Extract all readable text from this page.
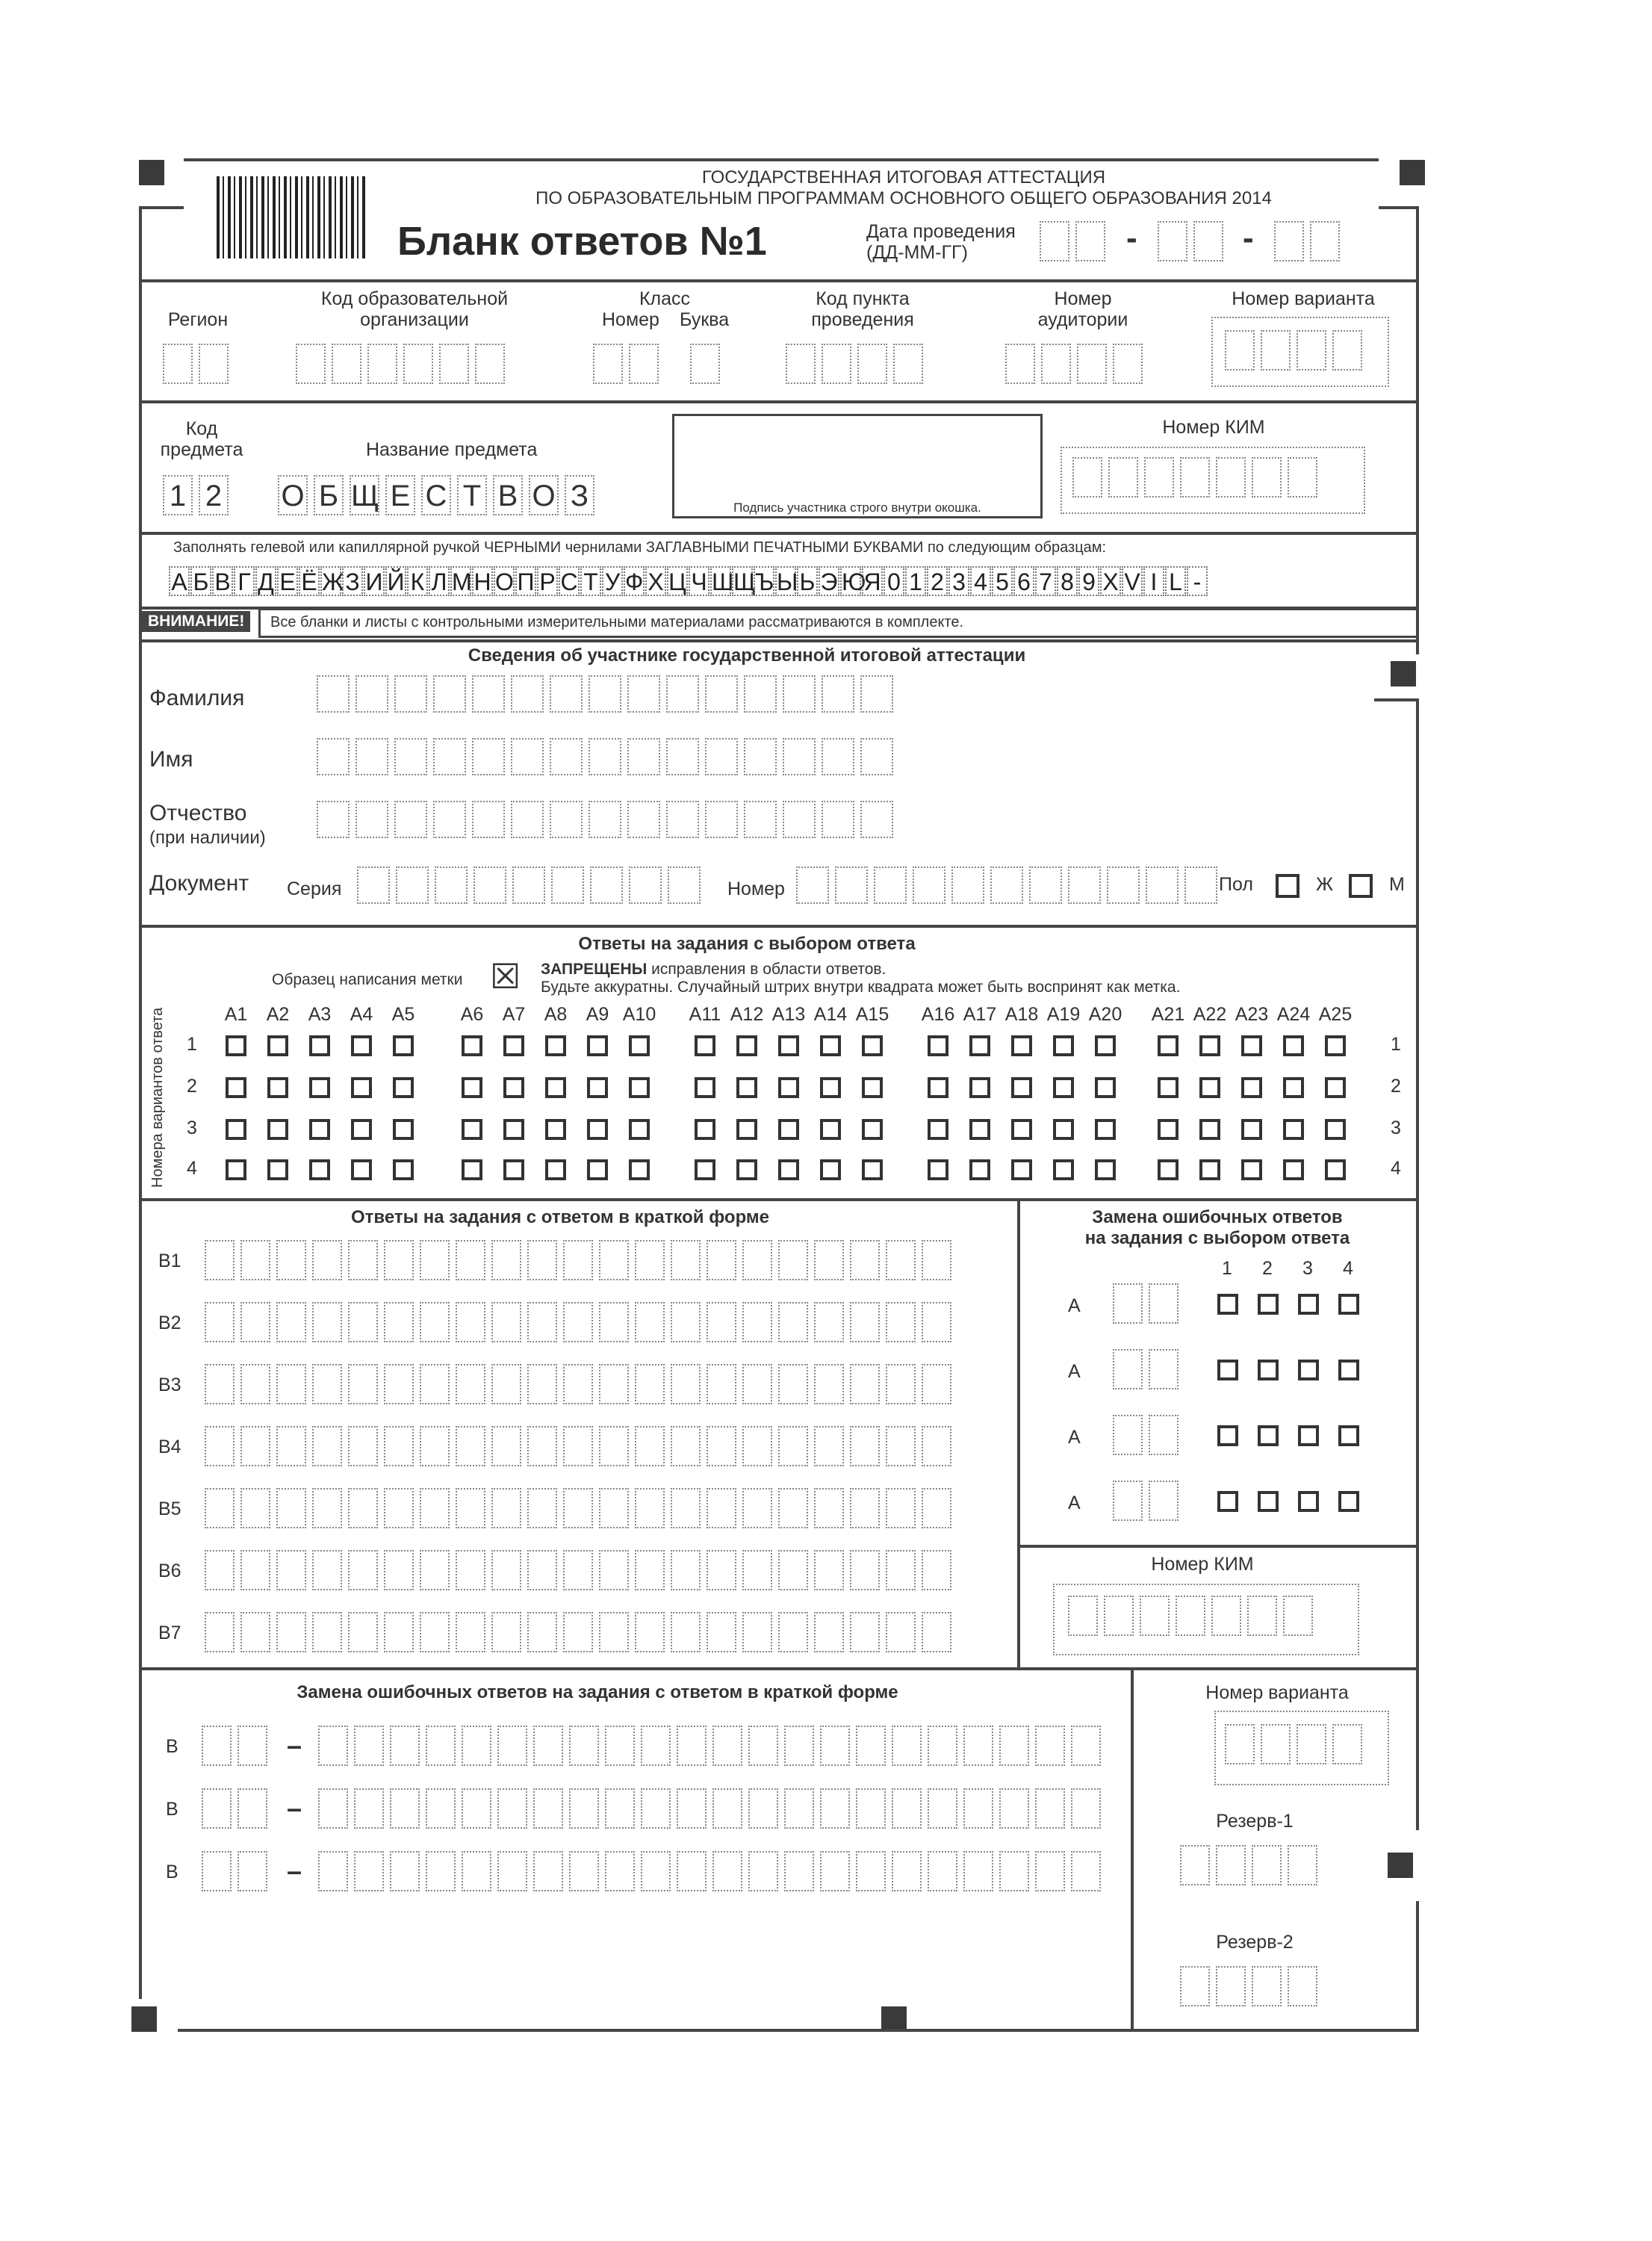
ГОСУДАРСТВЕННАЯ ИТОГОВАЯ АТТЕСТАЦИЯ
ПО ОБРАЗОВАТЕЛЬНЫМ ПРОГРАММАМ ОСНОВНОГО ОБЩЕГО ОБРАЗОВАНИЯ 2014
Бланк ответов №1	Дата проведения
(ДД-ММ-ГГ)	-	-
Регион
Код образовательной организации
Класс
Номер Буква
Код пункта проведения
Номер аудитории
Номер варианта
Код предмета
1 2
Название предмета
О Б Щ Е С Т В О З	Подпись участника строго внутри окошка.
Номер КИМ
Заполнять гелевой или капиллярной ручкой ЧЕРНЫМИ чернилами ЗАГЛАВНЫМИ ПЕЧАТНЫМИ БУКВАМИ по следующим образцам:
А Б В Г Д Е Ё Ж З И Й К Л М Н О П Р С Т У Ф Х Ц Ч Ш Щ Ъ Ы Ь Э Ю
Я 0 1 2 3 4 5 6 7 8 9 X V I L -
ВНИМАНИЕ!	Все бланки и листы с контрольными измерительными материалами рассматриваются в комплекте.
Сведения об участнике государственной итоговой аттестации
Фамилия
Имя
Отчество
(при наличии)
Документ Серия	Номер	Пол	Ж	М
Ответы на задания с выбором ответа
Образец написания метки ☒ ЗАПРЕЩЕНЫ исправления в области ответов.
Будьте аккуратны. Случайный штрих внутри квадрата может быть воспринят как метка.
Номера вариантов ответа	A1	A2	A3	A4	A5	A6	A7	A8	A9 A10 A11 A12 A13 A14 A15 A16 A17 A18 A19 A20 A21 A22 A23 A24 A25
1	1
2	2
3	3
4	4
Ответы на задания с ответом в краткой форме
B1
B2
B3
B4
B5
B6
B7
Замена ошибочных ответов
на задания с выбором ответа
1 2 3 4
A
A
A
A
Номер КИМ
Замена ошибочных ответов на задания с ответом в краткой форме
B	–
B	–
B	–
Номер варианта
Резерв-1
Резерв-2
